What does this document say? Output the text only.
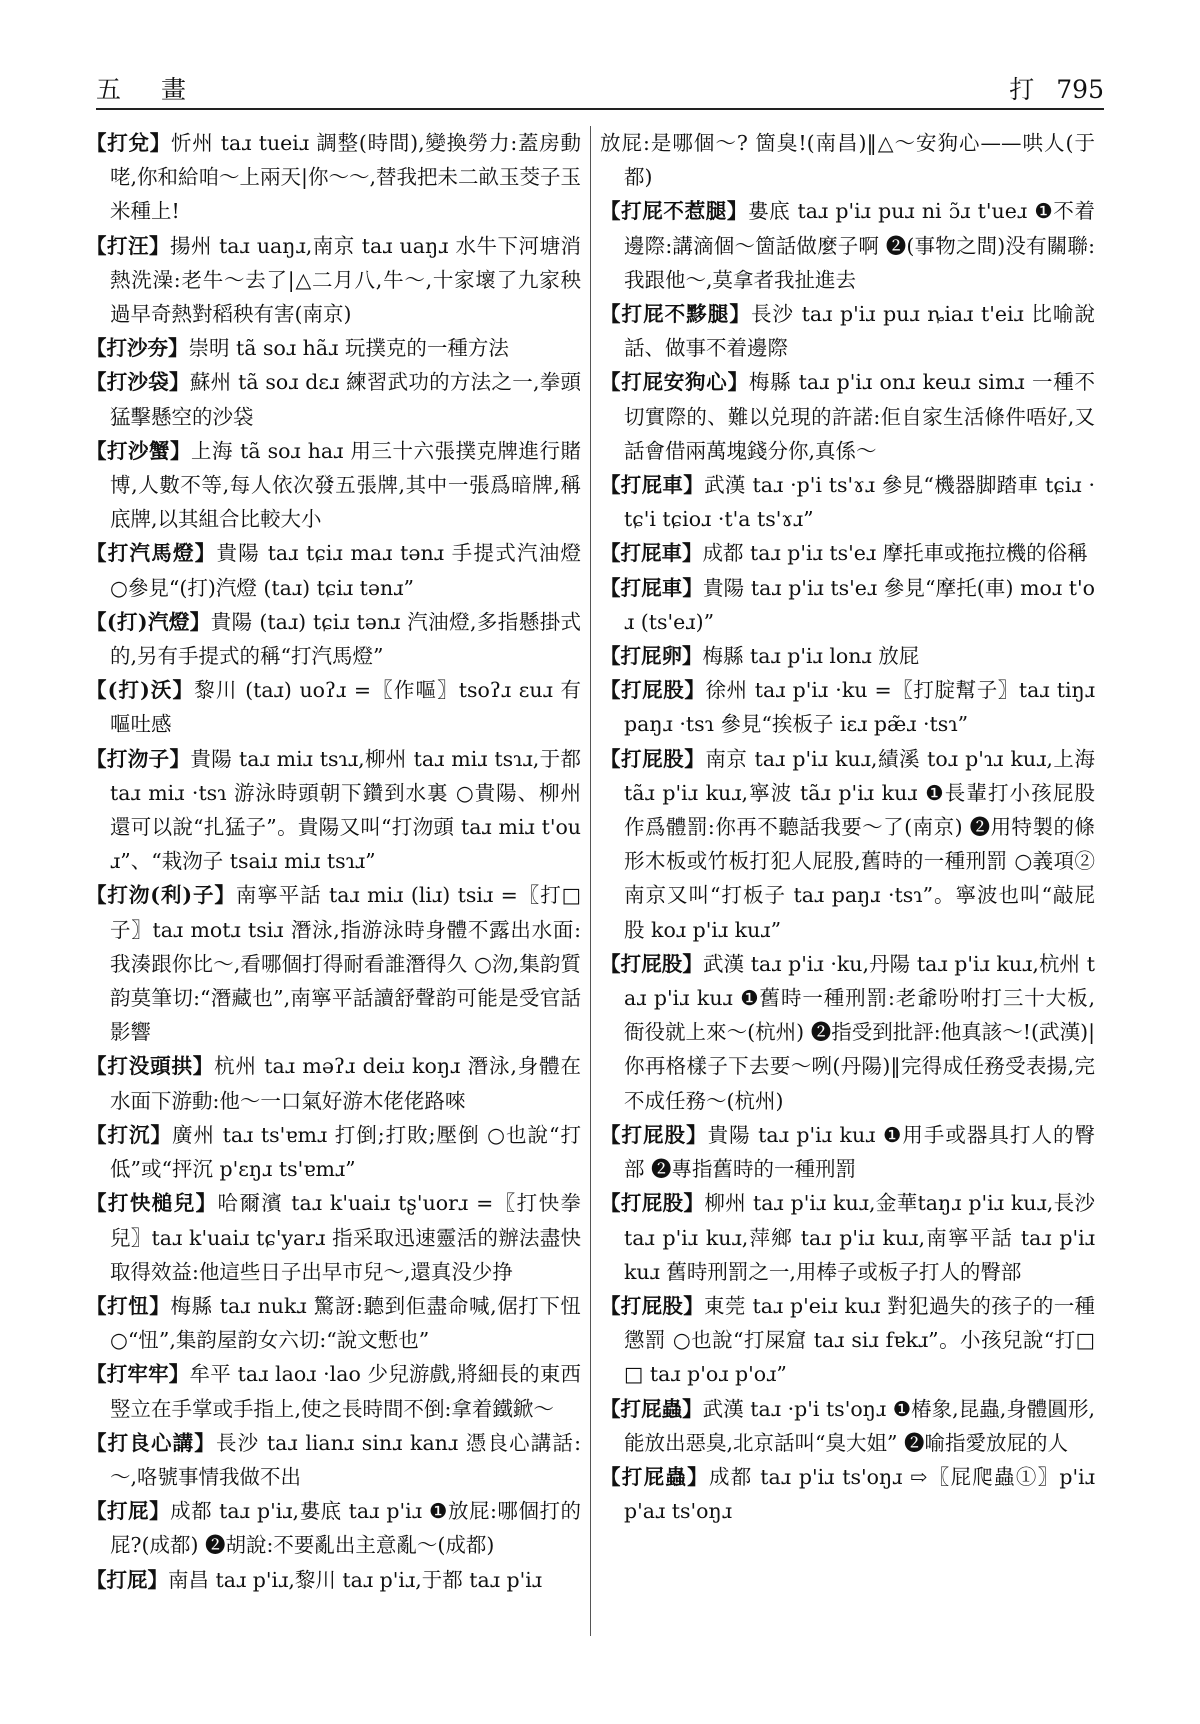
五 畫	打 795

【打兌】忻州 taɹ tueiɹ 調整(時間),變換勞力:蓋房動咾,你和給咱～上兩天|你～～,替我把未二畝玉茭子玉米種上!

【打汪】揚州 taɹ uaŋɹ,南京 taɹ uaŋɹ 水牛下河塘消熱洗澡:老牛～去了|△二月八,牛～,十家壞了九家秧過早奇熱對稻秧有害(南京)

【打沙夯】崇明 tã soɹ hãɹ 玩撲克的一種方法

【打沙袋】蘇州 tã soɹ dɛɹ 練習武功的方法之一,拳頭猛擊懸空的沙袋

【打沙蟹】上海 tã soɹ haɹ 用三十六張撲克牌進行賭博,人數不等,每人依次發五張牌,其中一張爲暗牌,稱底牌,以其組合比較大小

【打汽馬燈】貴陽 taɹ tɕiɹ maɹ tənɹ 手提式汽油燈 ○參見“(打)汽燈 (taɹ) tɕiɹ tənɹ”

【(打)汽燈】貴陽 (taɹ) tɕiɹ tənɹ 汽油燈,多指懸掛式的,另有手提式的稱“打汽馬燈”

【(打)沃】黎川 (taɹ) uoʔɹ =〖作嘔〗tsoʔɹ ɛuɹ 有嘔吐感

【打沕子】貴陽 taɹ miɹ tsɿɹ,柳州 taɹ miɹ tsɿɹ,于都 taɹ miɹ ·tsɿ 游泳時頭朝下鑽到水裏 ○貴陽、柳州還可以說“扎猛子”。貴陽又叫“打沕頭 taɹ miɹ t'ouɹ”、“栽沕子 tsaiɹ miɹ tsɿɹ”

【打沕(利)子】南寧平話 taɹ miɹ (liɹ) tsiɹ =〖打□子〗taɹ motɹ tsiɹ 潛泳,指游泳時身體不露出水面:我湊跟你比～,看哪個打得耐看誰潛得久 ○沕,集韵質韵莫筆切:“潛藏也”,南寧平話讀舒聲韵可能是受官話影響

【打没頭拱】杭州 taɹ məʔɹ deiɹ koŋɹ 潛泳,身體在水面下游動:他～一口氣好游木佬佬路唻

【打沉】廣州 taɹ ts'ɐmɹ 打倒;打敗;壓倒 ○也說“打低”或“抨沉 p'ɛŋɹ ts'ɐmɹ”

【打快槌兒】哈爾濱 taɹ k'uaiɹ tʂ'uorɹ =〖打快拳兒〗taɹ k'uaiɹ tɕ'yarɹ 指采取迅速靈活的辦法盡快取得效益:他這些日子出早市兒～,還真没少挣

【打忸】梅縣 taɹ nukɹ 驚訝:聽到佢盡命喊,倨打下忸 ○“忸”,集韵屋韵女六切:“說文慙也”

【打牢牢】牟平 taɹ laoɹ ·lao 少兒游戲,將細長的東西竪立在手掌或手指上,使之長時間不倒:拿着鐵鍁～

【打良心講】長沙 taɹ lianɹ sinɹ kanɹ 憑良心講話:～,咯號事情我做不出

【打屁】成都 taɹ p'iɹ,婁底 taɹ p'iɹ ❶放屁:哪個打的屁?(成都) ❷胡說:不要亂出主意亂～(成都)

【打屁】南昌 taɹ p'iɹ,黎川 taɹ p'iɹ,于都 taɹ p'iɹ

放屁:是哪個～? 箇臭!(南昌)‖△～安狗心——哄人(于都)

【打屁不惹腿】婁底 taɹ p'iɹ puɹ ni ɔ̃ɹ t'ueɹ ❶不着邊際:講滴個～箇話做麼子啊 ❷(事物之間)没有關聯:我跟他～,莫拿者我扯進去

【打屁不黟腿】長沙 taɹ p'iɹ puɹ ȵiaɹ t'eiɹ 比喻說話、做事不着邊際

【打屁安狗心】梅縣 taɹ p'iɹ onɹ keuɹ simɹ 一種不切實際的、難以兑現的許諾:佢自家生活條件唔好,又話會借兩萬塊錢分你,真係～

【打屁車】武漢 taɹ ·p'i ts'ɤɹ 參見“機器脚踏車 tɕiɹ ·tɕ'i tɕioɹ ·t'a ts'ɤɹ”

【打屁車】成都 taɹ p'iɹ ts'eɹ 摩托車或拖拉機的俗稱

【打屁車】貴陽 taɹ p'iɹ ts'eɹ 參見“摩托(車) moɹ t'oɹ (ts'eɹ)”

【打屁卵】梅縣 taɹ p'iɹ lonɹ 放屁

【打屁股】徐州 taɹ p'iɹ ·ku =〖打腚幫子〗taɹ tiŋɹ paŋɹ ·tsɿ 參見“挨板子 iɛɹ pæ̃ɹ ·tsɿ”

【打屁股】南京 taɹ p'iɹ kuɹ,績溪 toɹ p'ɿɹ kuɹ,上海 tãɹ p'iɹ kuɹ,寧波 tãɹ p'iɹ kuɹ ❶長輩打小孩屁股作爲體罰:你再不聽話我要～了(南京) ❷用特製的條形木板或竹板打犯人屁股,舊時的一種刑罰 ○義項②南京又叫“打板子 taɹ paŋɹ ·tsɿ”。寧波也叫“敲屁股 koɹ p'iɹ kuɹ”

【打屁股】武漢 taɹ p'iɹ ·ku,丹陽 taɹ p'iɹ kuɹ,杭州 taɹ p'iɹ kuɹ ❶舊時一種刑罰:老爺吩咐打三十大板,衙役就上來～(杭州) ❷指受到批評:他真該～!(武漢)|你再格樣子下去要～咧(丹陽)‖完得成任務受表揚,完不成任務～(杭州)

【打屁股】貴陽 taɹ p'iɹ kuɹ ❶用手或器具打人的臀部 ❷專指舊時的一種刑罰

【打屁股】柳州 taɹ p'iɹ kuɹ,金華taŋɹ p'iɹ kuɹ,長沙 taɹ p'iɹ kuɹ,萍鄉 taɹ p'iɹ kuɹ,南寧平話 taɹ p'iɹ kuɹ 舊時刑罰之一,用棒子或板子打人的臀部

【打屁股】東莞 taɹ p'eiɹ kuɹ 對犯過失的孩子的一種懲罰 ○也說“打屎窟 taɹ siɹ fɐkɹ”。小孩兒說“打□□ taɹ p'oɹ p'oɹ”

【打屁蟲】武漢 taɹ ·p'i ts'oŋɹ ❶椿象,昆蟲,身體圓形,能放出惡臭,北京話叫“臭大姐” ❷喻指愛放屁的人

【打屁蟲】成都 taɹ p'iɹ ts'oŋɹ ⇨〖屁爬蟲①〗p'iɹ p'aɹ ts'oŋɹ
